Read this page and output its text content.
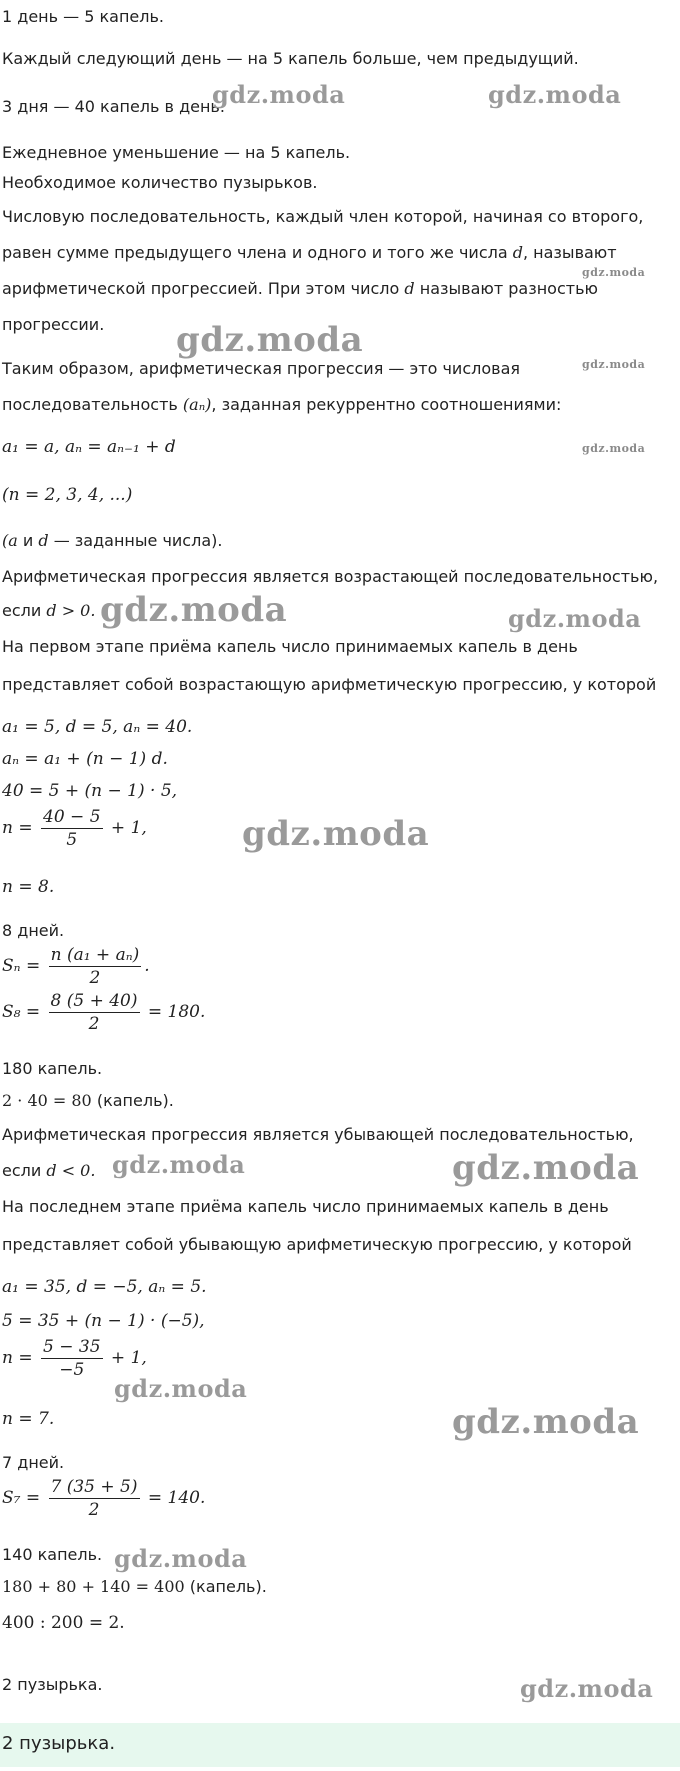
1 день — 5 капель.
Каждый следующий день — на 5 капель больше, чем предыдущий.
3 дня — 40 капель в день.
Ежедневное уменьшение — на 5 капель.
Необходимое количество пузырьков.
Числовую последовательность, каждый член которой, начиная со второго,
равен сумме предыдущего члена и одного и того же числа d, называют
арифметической прогрессией. При этом число d называют разностью
прогрессии.
Таким образом, арифметическая прогрессия — это числовая
последовательность (aₙ), заданная рекуррентно соотношениями:
a₁ = a, aₙ = aₙ₋₁ + d
(n = 2, 3, 4, ...)
(a и d — заданные числа).
Арифметическая прогрессия является возрастающей последовательностью,
если d > 0.
На первом этапе приёма капель число принимаемых капель в день
представляет собой возрастающую арифметическую прогрессию, у которой
a₁ = 5, d = 5, aₙ = 40.
aₙ = a₁ + (n − 1) d.
40 = 5 + (n − 1) · 5,
$n = \frac{40 - 5}{5} + 1$,
n = 8.
8 дней.
$S_n = \frac{\text{n (a₁ + aₙ)}}{2}$ .
$S_8 = \frac{8 (5 + 40)}{2} = 180$.
180 капель.
2 · 40 = 80 (капель).
Арифметическая прогрессия является убывающей последовательностью,
если d < 0.
На последнем этапе приёма капель число принимаемых капель в день
представляет собой убывающую арифметическую прогрессию, у которой
a₁ = 35, d = −5, aₙ = 5.
5 = 35 + (n − 1) · (−5),
$n = \frac{5 - 35}{-5} + 1$,
n = 7.
7 дней.
$S_7 = \frac{7 (35 + 5)}{2} = 140$.
140 капель.
180 + 80 + 140 = 400 (капель).
400 : 200 = 2.
2 пузырька.
2 пузырька.
gdz.moda	gdz.moda
gdz.moda
gdz.moda
gdz.moda
gdz.moda
gdz.moda	gdz.moda
gdz.moda
gdz.moda	gdz.moda
gdz.moda
gdz.moda
gdz.moda
gdz.moda
